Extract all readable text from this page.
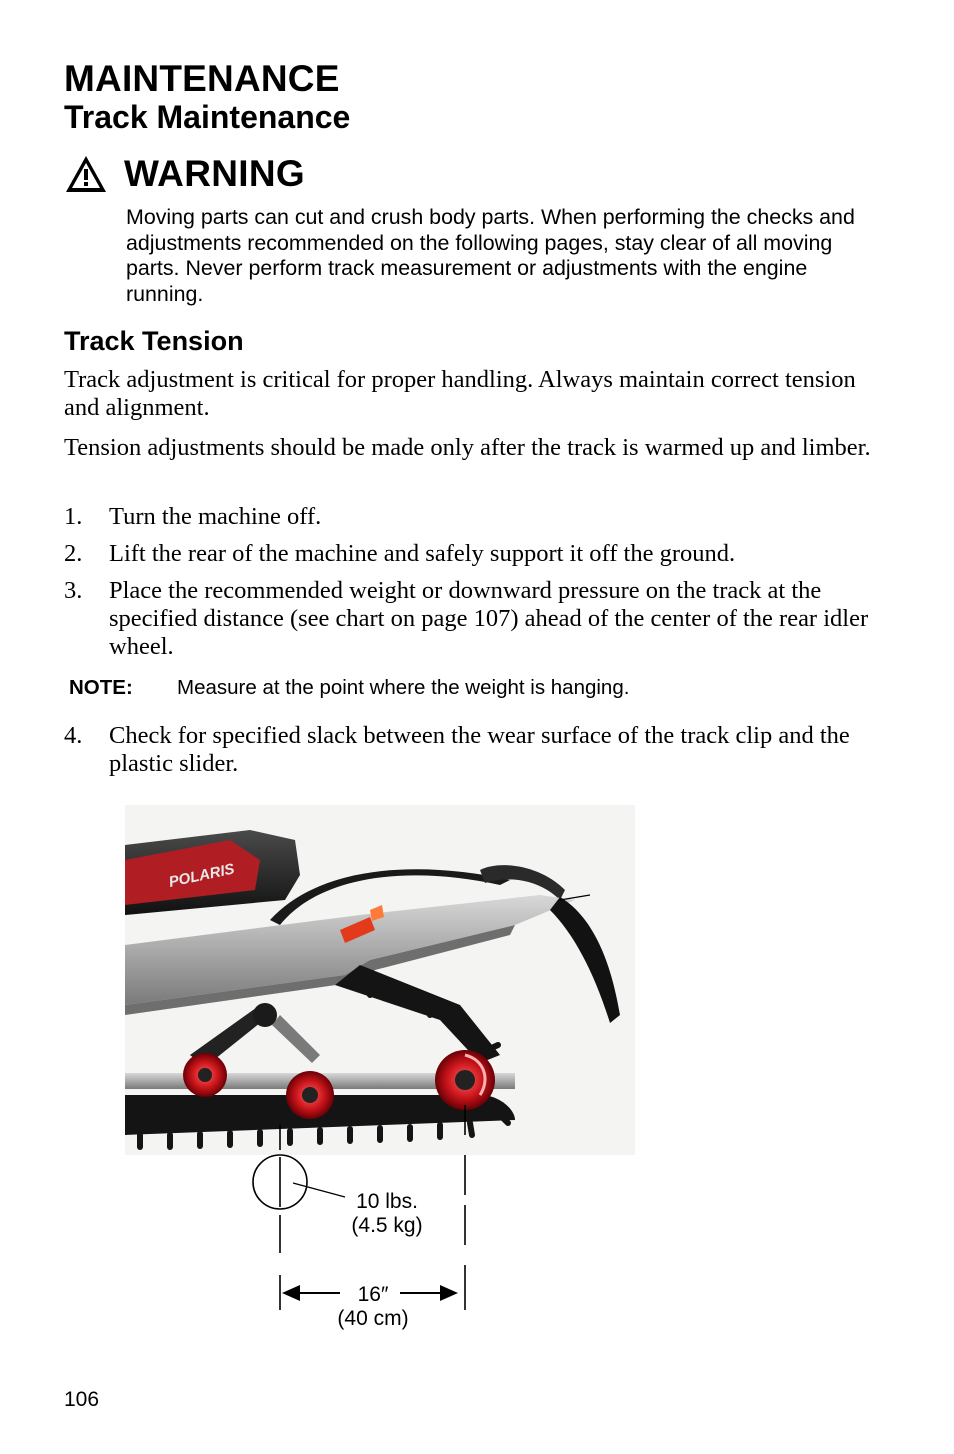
MAINTENANCE
Track Maintenance
WARNING
Moving parts can cut and crush body parts. When performing the checks and adjustments recommended on the following pages, stay clear of all moving parts. Never perform track measurement or adjustments with the engine running.
Track Tension
Track adjustment is critical for proper handling. Always maintain correct tension and alignment.
Tension adjustments should be made only after the track is warmed up and limber.
1. Turn the machine off.
2. Lift the rear of the machine and safely support it off the ground.
3. Place the recommended weight or downward pressure on the track at the specified distance (see chart on page 107) ahead of the center of the rear idler wheel.
NOTE: Measure at the point where the weight is hanging.
4. Check for specified slack between the wear surface of the track clip and the plastic slider.
POLARIS
10 lbs.
(4.5 kg)
16″
(40 cm)
106
